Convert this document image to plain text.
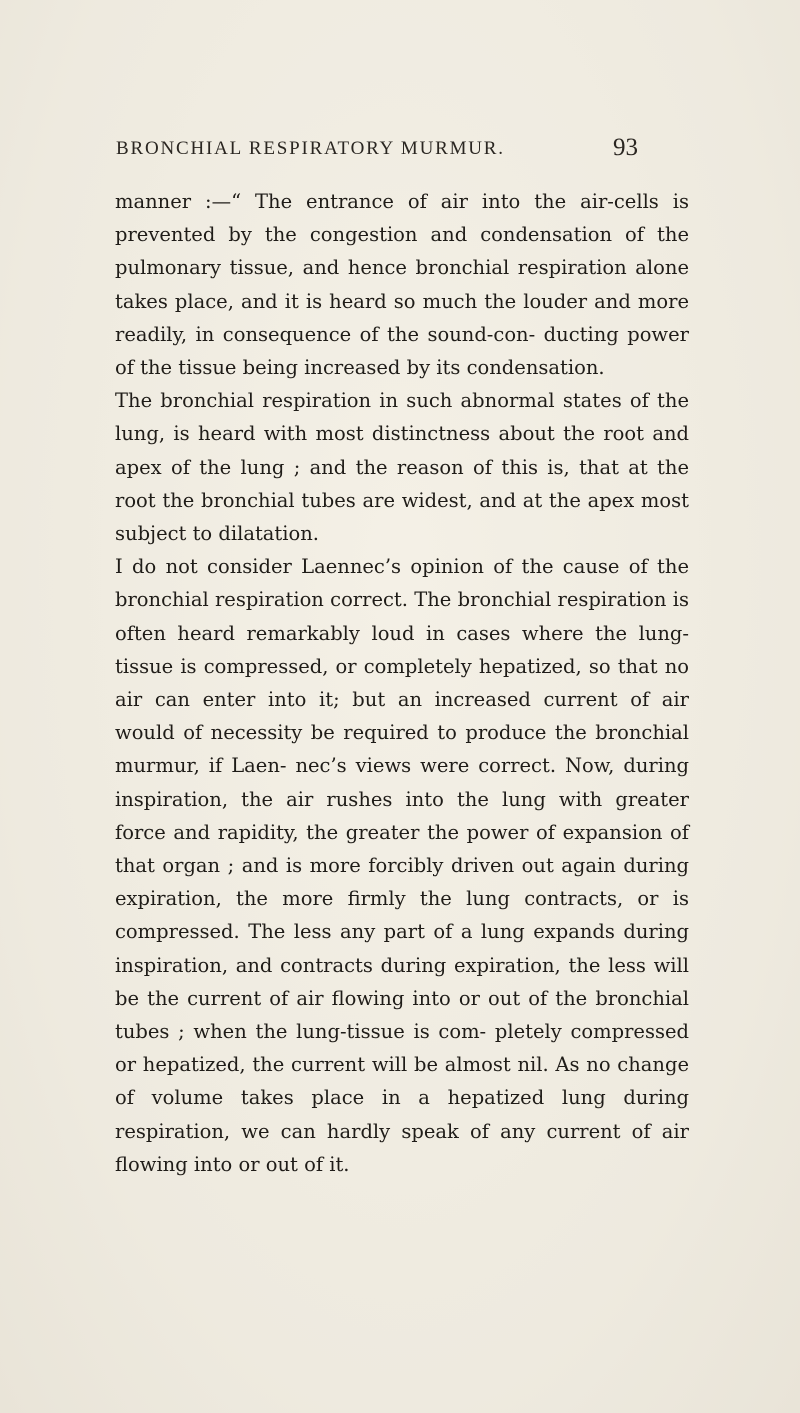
BRONCHIAL RESPIRATORY MURMUR.	93

manner :—“ The entrance of air into the air-cells is prevented by the congestion and condensation of the pulmonary tissue, and hence bronchial respiration alone takes place, and it is heard so much the louder and more readily, in consequence of the sound-con- ducting power of the tissue being increased by its condensation.

The bronchial respiration in such abnormal states of the lung, is heard with most distinctness about the root and apex of the lung ; and the reason of this is, that at the root the bronchial tubes are widest, and at the apex most subject to dilatation.

I do not consider Laennec’s opinion of the cause of the bronchial respiration correct. The bronchial respiration is often heard remarkably loud in cases where the lung-tissue is compressed, or completely hepatized, so that no air can enter into it; but an increased current of air would of necessity be required to produce the bronchial murmur, if Laen- nec’s views were correct. Now, during inspiration, the air rushes into the lung with greater force and rapidity, the greater the power of expansion of that organ ; and is more forcibly driven out again during expiration, the more firmly the lung contracts, or is compressed. The less any part of a lung expands during inspiration, and contracts during expiration, the less will be the current of air flowing into or out of the bronchial tubes ; when the lung-tissue is com- pletely compressed or hepatized, the current will be almost nil. As no change of volume takes place in a hepatized lung during respiration, we can hardly speak of any current of air flowing into or out of it.
